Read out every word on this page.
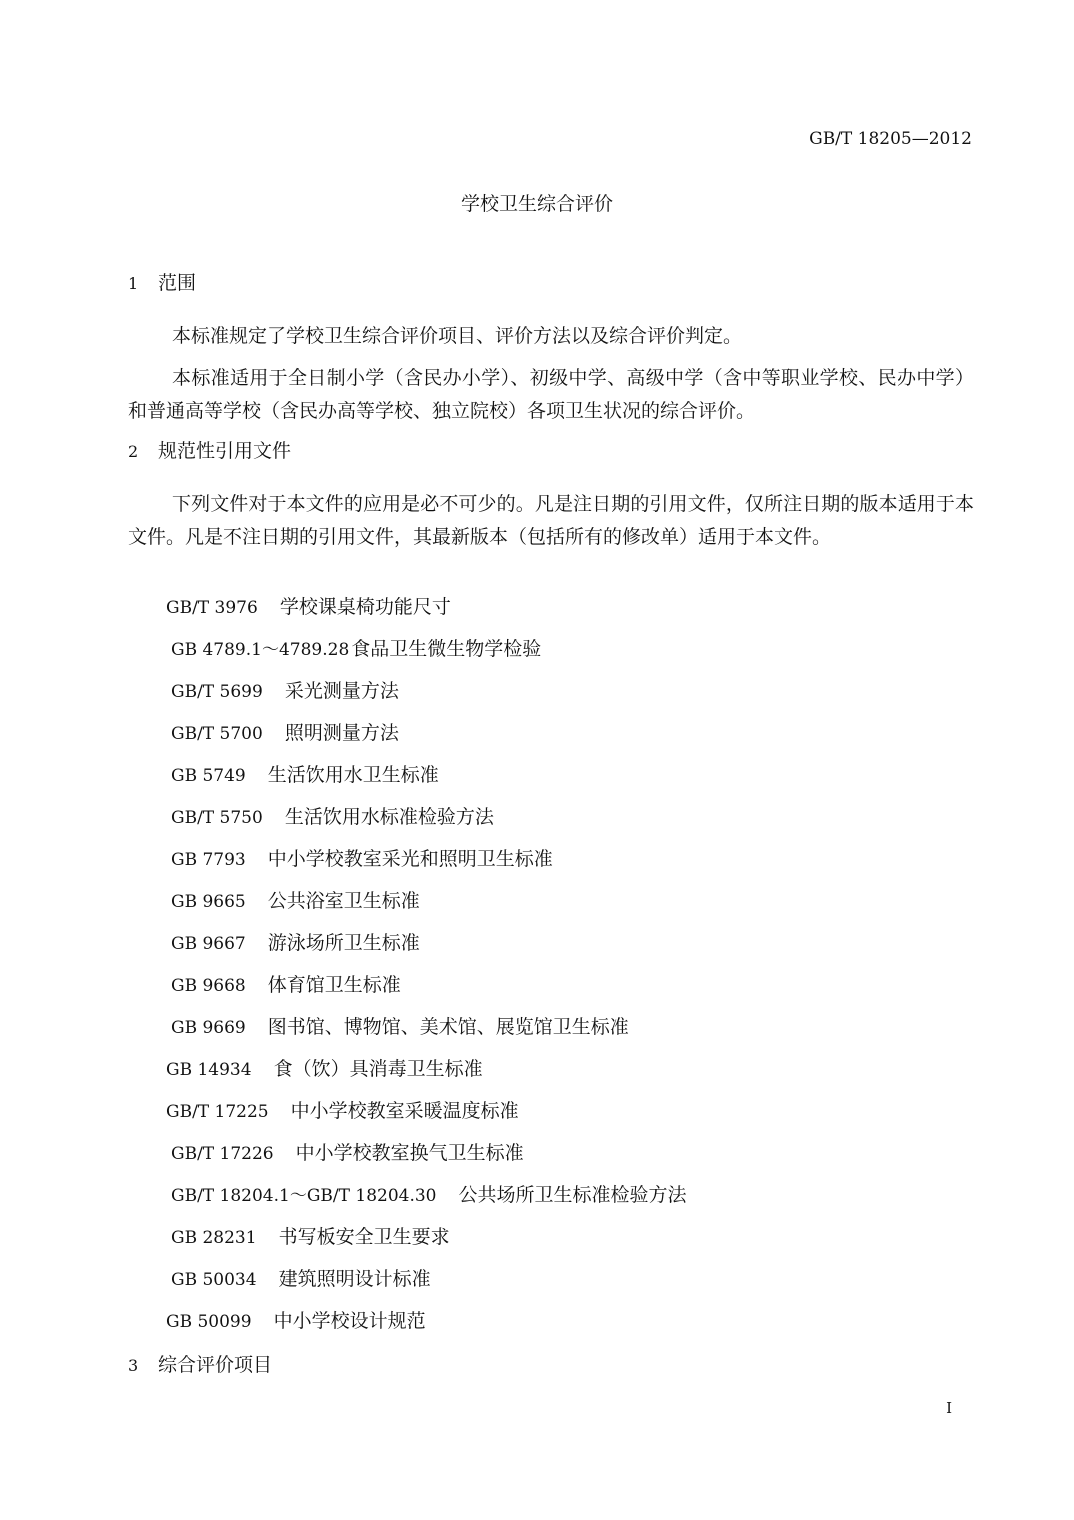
GB/T 18205—2012
学校卫生综合评价
1 范围
本标准规定了学校卫生综合评价项目、评价方法以及综合评价判定。
本标准适用于全日制小学（含民办小学）、初级中学、高级中学（含中等职业学校、民办中学）和普通高等学校（含民办高等学校、独立院校）各项卫生状况的综合评价。
2 规范性引用文件
下列文件对于本文件的应用是必不可少的。凡是注日期的引用文件，仅所注日期的版本适用于本文件。凡是不注日期的引用文件，其最新版本（包括所有的修改单）适用于本文件。
GB/T 3976 学校课桌椅功能尺寸
GB 4789.1～4789.28 食品卫生微生物学检验
GB/T 5699 采光测量方法
GB/T 5700 照明测量方法
GB 5749 生活饮用水卫生标准
GB/T 5750 生活饮用水标准检验方法
GB 7793 中小学校教室采光和照明卫生标准
GB 9665 公共浴室卫生标准
GB 9667 游泳场所卫生标准
GB 9668 体育馆卫生标准
GB 9669 图书馆、博物馆、美术馆、展览馆卫生标准
GB 14934 食（饮）具消毒卫生标准
GB/T 17225 中小学校教室采暖温度标准
GB/T 17226 中小学校教室换气卫生标准
GB/T 18204.1～GB/T 18204.30 公共场所卫生标准检验方法
GB 28231 书写板安全卫生要求
GB 50034 建筑照明设计标准
GB 50099 中小学校设计规范
3 综合评价项目
I
